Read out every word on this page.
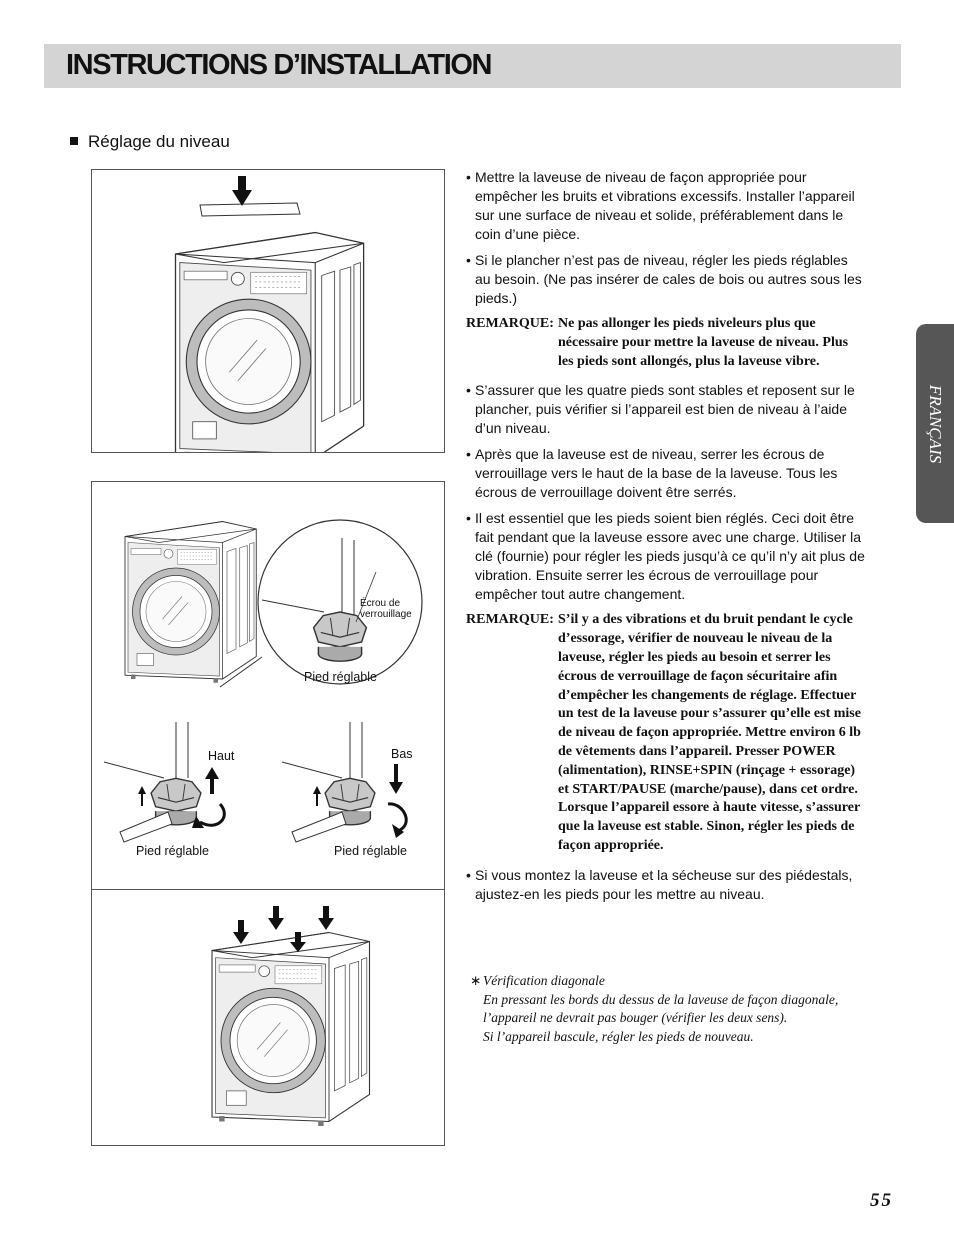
INSTRUCTIONS D’INSTALLATION
Réglage du niveau
FRANÇAIS
Écrou de verrouillage
Pied réglable
Haut	Bas
Pied réglable	Pied réglable
• Mettre la laveuse de niveau de façon appropriée pour empêcher les bruits et vibrations excessifs. Installer l’appareil sur une surface de niveau et solide, préférablement dans le coin d’une pièce.
• Si le plancher n’est pas de niveau, régler les pieds réglables au besoin. (Ne pas insérer de cales de bois ou autres sous les pieds.)
REMARQUE: Ne pas allonger les pieds niveleurs plus que nécessaire pour mettre la laveuse de niveau. Plus les pieds sont allongés, plus la laveuse vibre.
• S’assurer que les quatre pieds sont stables et reposent sur le plancher, puis vérifier si l’appareil est bien de niveau à l’aide d’un niveau.
• Après que la laveuse est de niveau, serrer les écrous de verrouillage vers le haut de la base de la laveuse. Tous les écrous de verrouillage doivent être serrés.
• Il est essentiel que les pieds soient bien réglés. Ceci doit être fait pendant que la laveuse essore avec une charge. Utiliser la clé (fournie) pour régler les pieds jusqu’à ce qu’il n’y ait plus de vibration. Ensuite serrer les écrous de verrouillage pour empêcher tout autre changement.
REMARQUE: S’il y a des vibrations et du bruit pendant le cycle d’essorage, vérifier de nouveau le niveau de la laveuse, régler les pieds au besoin et serrer les écrous de verrouillage de façon sécuritaire afin d’empêcher les changements de réglage. Effectuer un test de la laveuse pour s’assurer qu’elle est mise de niveau de façon appropriée. Mettre environ 6 lb de vêtements dans l’appareil. Presser POWER (alimentation), RINSE+SPIN (rinçage + essorage) et START/PAUSE (marche/pause), dans cet ordre. Lorsque l’appareil essore à haute vitesse, s’assurer que la laveuse est stable. Sinon, régler les pieds de façon appropriée.
• Si vous montez la laveuse et la sécheuse sur des piédestals, ajustez-en les pieds pour les mettre au niveau.
∗ Vérification diagonale
En pressant les bords du dessus de la laveuse de façon diagonale,
l’appareil ne devrait pas bouger (vérifier les deux sens).
Si l’appareil bascule, régler les pieds de nouveau.
55
